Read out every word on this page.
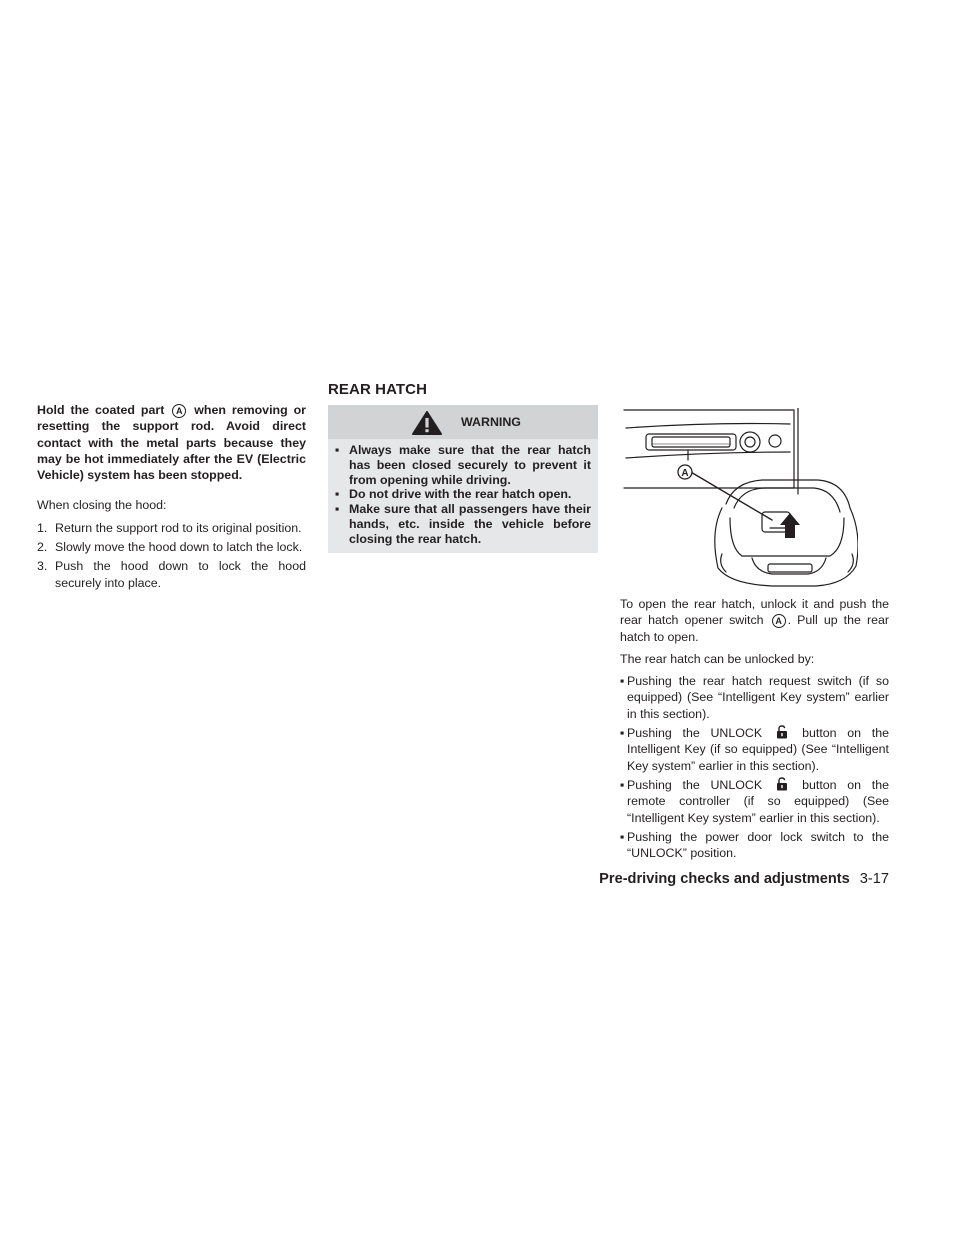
Hold the coated part A when removing or resetting the support rod. Avoid direct contact with the metal parts because they may be hot immediately after the EV (Electric Vehicle) system has been stopped.

When closing the hood:

1. Return the support rod to its original position.
2. Slowly move the hood down to latch the lock.
3. Push the hood down to lock the hood securely into place.
REAR HATCH
WARNING
▪ Always make sure that the rear hatch has been closed securely to prevent it from opening while driving.
▪ Do not drive with the rear hatch open.
▪ Make sure that all passengers have their hands, etc. inside the vehicle before closing the rear hatch.
A

To open the rear hatch, unlock it and push the rear hatch opener switch A . Pull up the rear hatch to open.

The rear hatch can be unlocked by:

▪ Pushing the rear hatch request switch (if so equipped) (See “Intelligent Key system” earlier in this section).
▪ Pushing the UNLOCK	button on the Intelligent Key (if so equipped) (See “Intelligent Key system” earlier in this section).
▪ Pushing the UNLOCK	button on the remote controller (if so equipped) (See “Intelligent Key system” earlier in this section).
▪ Pushing the power door lock switch to the “UNLOCK” position.
Pre-driving checks and adjustments 3-17
